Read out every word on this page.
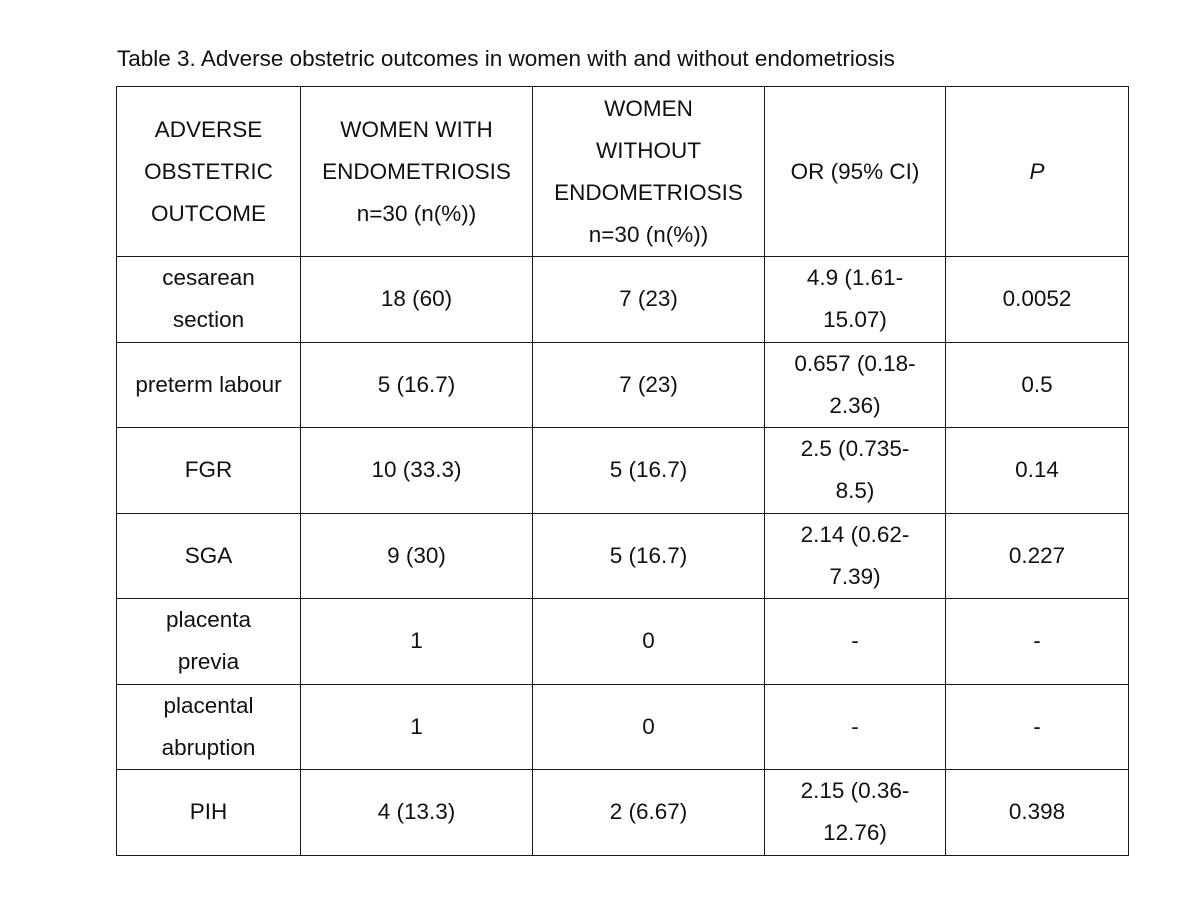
Table 3. Adverse obstetric outcomes in women with and without endometriosis
ADVERSE
OBSTETRIC
OUTCOME	WOMEN WITH
ENDOMETRIOSIS
n=30 (n(%))	WOMEN
WITHOUT
ENDOMETRIOSIS
n=30 (n(%))	OR (95% CI)	P

cesarean
section	18 (60)	7 (23)	4.9 (1.61-
15.07)	0.0052

preterm labour	5 (16.7)	7 (23)	0.657 (0.18-
2.36)	0.5

FGR	10 (33.3)	5 (16.7)	2.5 (0.735-
8.5)	0.14

SGA	9 (30)	5 (16.7)	2.14 (0.62-
7.39)	0.227

placenta
previa	1	0	-	-

placental
abruption	1	0	-	-

PIH	4 (13.3)	2 (6.67)	2.15 (0.36-
12.76)	0.398
